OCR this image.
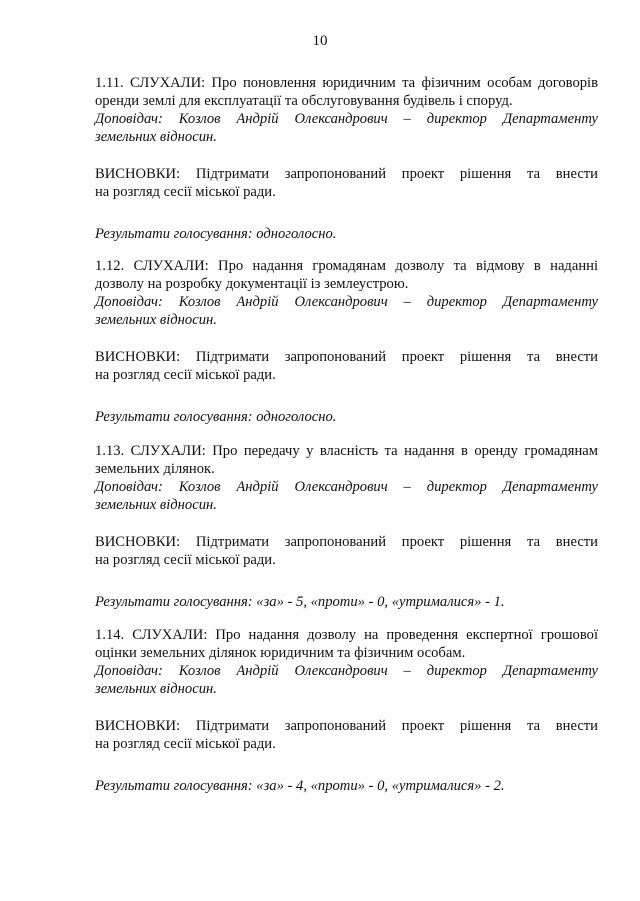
10
1.11. СЛУХАЛИ: Про поновлення юридичним та фізичним особам договорів
оренди землі для експлуатації та обслуговування будівель і споруд.
Доповідач: Козлов Андрій Олександрович – директор Департаменту
земельних відносин.
ВИСНОВКИ: Підтримати запропонований проект рішення та внести
на розгляд сесії міської ради.
Результати голосування: одноголосно.
1.12. СЛУХАЛИ: Про надання громадянам дозволу та відмову в наданні
дозволу на розробку документації із землеустрою.
Доповідач: Козлов Андрій Олександрович – директор Департаменту
земельних відносин.
ВИСНОВКИ: Підтримати запропонований проект рішення та внести
на розгляд сесії міської ради.
Результати голосування: одноголосно.
1.13. СЛУХАЛИ: Про передачу у власність та надання в оренду громадянам
земельних ділянок.
Доповідач: Козлов Андрій Олександрович – директор Департаменту
земельних відносин.
ВИСНОВКИ: Підтримати запропонований проект рішення та внести
на розгляд сесії міської ради.
Результати голосування: «за» - 5, «проти» - 0, «утрималися» - 1.
1.14. СЛУХАЛИ: Про надання дозволу на проведення експертної грошової
оцінки земельних ділянок юридичним та фізичним особам.
Доповідач: Козлов Андрій Олександрович – директор Департаменту
земельних відносин.
ВИСНОВКИ: Підтримати запропонований проект рішення та внести
на розгляд сесії міської ради.
Результати голосування: «за» - 4, «проти» - 0, «утрималися» - 2.
